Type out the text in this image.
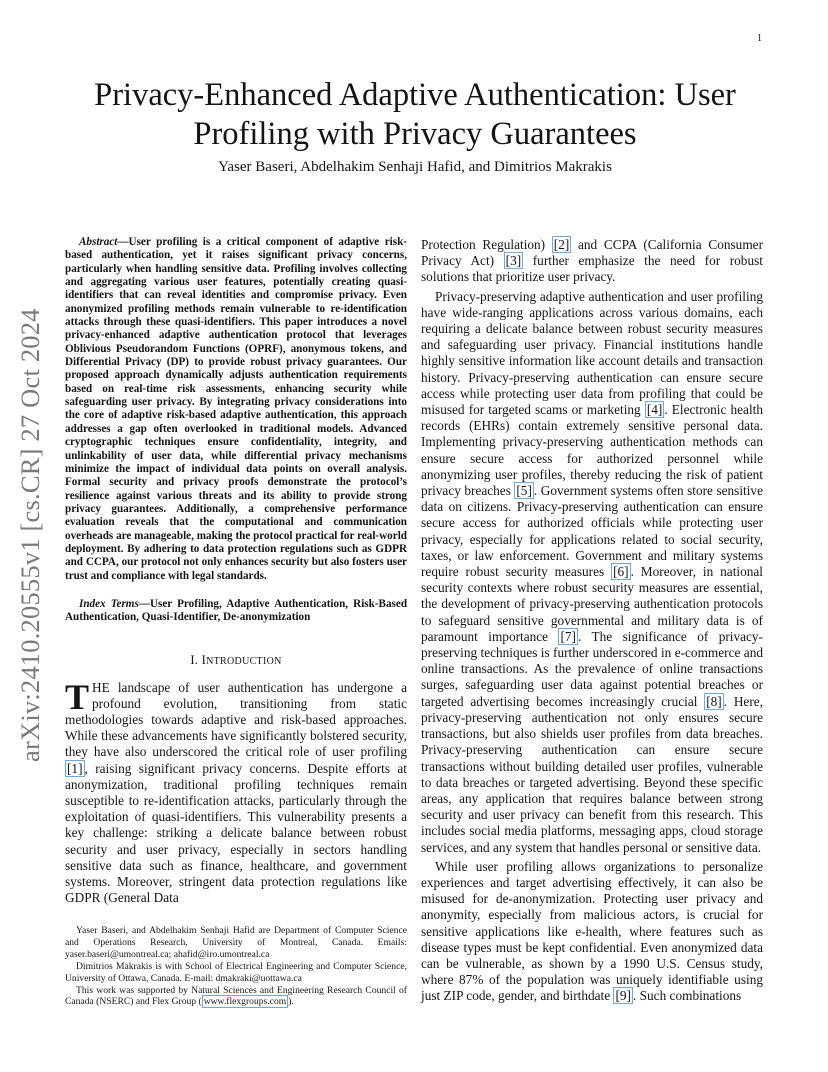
1
arXiv:2410.20555v1 [cs.CR] 27 Oct 2024
Privacy-Enhanced Adaptive Authentication: User
Profiling with Privacy Guarantees
Yaser Baseri, Abdelhakim Senhaji Hafid, and Dimitrios Makrakis

Abstract—User profiling is a critical component of adaptive risk-based authentication, yet it raises significant privacy concerns, particularly when handling sensitive data. Profiling involves collecting and aggregating various user features, potentially creating quasi-identifiers that can reveal identities and compromise privacy. Even anonymized profiling methods remain vulnerable to re-identification attacks through these quasi-identifiers. This paper introduces a novel privacy-enhanced adaptive authentication protocol that leverages Oblivious Pseudorandom Functions (OPRF), anonymous tokens, and Differential Privacy (DP) to provide robust privacy guarantees. Our proposed approach dynamically adjusts authentication requirements based on real-time risk assessments, enhancing security while safeguarding user privacy. By integrating privacy considerations into the core of adaptive risk-based adaptive authentication, this approach addresses a gap often overlooked in traditional models. Advanced cryptographic techniques ensure confidentiality, integrity, and unlinkability of user data, while differential privacy mechanisms minimize the impact of individual data points on overall analysis. Formal security and privacy proofs demonstrate the protocol’s resilience against various threats and its ability to provide strong privacy guarantees. Additionally, a comprehensive performance evaluation reveals that the computational and communication overheads are manageable, making the protocol practical for real-world deployment. By adhering to data protection regulations such as GDPR and CCPA, our protocol not only enhances security but also fosters user trust and compliance with legal standards.

Index Terms—User Profiling, Adaptive Authentication, Risk-Based Authentication, Quasi-Identifier, De-anonymization

I. INTRODUCTION

THE landscape of user authentication has undergone a profound evolution, transitioning from static methodologies towards adaptive and risk-based approaches. While these advancements have significantly bolstered security, they have also underscored the critical role of user profiling [1] , raising significant privacy concerns. Despite efforts at anonymization, traditional profiling techniques remain susceptible to re-identification attacks, particularly through the exploitation of quasi-identifiers. This vulnerability presents a key challenge: striking a delicate balance between robust security and user privacy, especially in sectors handling sensitive data such as finance, healthcare, and government systems. Moreover, stringent data protection regulations like GDPR (General Data

Yaser Baseri, and Abdelhakim Senhaji Hafid are Department of Computer Science and Operations Research, University of Montreal, Canada. Emails: yaser.baseri@umontreal.ca; ahafid@iro.umontreal.ca

Dimitrios Makrakis is with School of Electrical Engineering and Computer Science, University of Ottawa, Canada. E-mail: dmakraki@uottawa.ca

This work was supported by Natural Sciences and Engineering Research Council of Canada (NSERC) and Flex Group ( www.flexgroups.com ).

Protection Regulation) [2] and CCPA (California Consumer Privacy Act) [3] further emphasize the need for robust solutions that prioritize user privacy.

Privacy-preserving adaptive authentication and user profiling have wide-ranging applications across various domains, each requiring a delicate balance between robust security measures and safeguarding user privacy. Financial institutions handle highly sensitive information like account details and transaction history. Privacy-preserving authentication can ensure secure access while protecting user data from profiling that could be misused for targeted scams or marketing [4] . Electronic health records (EHRs) contain extremely sensitive personal data. Implementing privacy-preserving authentication methods can ensure secure access for authorized personnel while anonymizing user profiles, thereby reducing the risk of patient privacy breaches [5] . Government systems often store sensitive data on citizens. Privacy-preserving authentication can ensure secure access for authorized officials while protecting user privacy, especially for applications related to social security, taxes, or law enforcement. Government and military systems require robust security measures [6] . Moreover, in national security contexts where robust security measures are essential, the development of privacy-preserving authentication protocols to safeguard sensitive governmental and military data is of paramount importance [7] . The significance of privacy-preserving techniques is further underscored in e-commerce and online transactions. As the prevalence of online transactions surges, safeguarding user data against potential breaches or targeted advertising becomes increasingly crucial [8] . Here, privacy-preserving authentication not only ensures secure transactions, but also shields user profiles from data breaches. Privacy-preserving authentication can ensure secure transactions without building detailed user profiles, vulnerable to data breaches or targeted advertising. Beyond these specific areas, any application that requires balance between strong security and user privacy can benefit from this research. This includes social media platforms, messaging apps, cloud storage services, and any system that handles personal or sensitive data.

While user profiling allows organizations to personalize experiences and target advertising effectively, it can also be misused for de-anonymization. Protecting user privacy and anonymity, especially from malicious actors, is crucial for sensitive applications like e-health, where features such as disease types must be kept confidential. Even anonymized data can be vulnerable, as shown by a 1990 U.S. Census study, where 87% of the population was uniquely identifiable using just ZIP code, gender, and birthdate [9] . Such combinations
